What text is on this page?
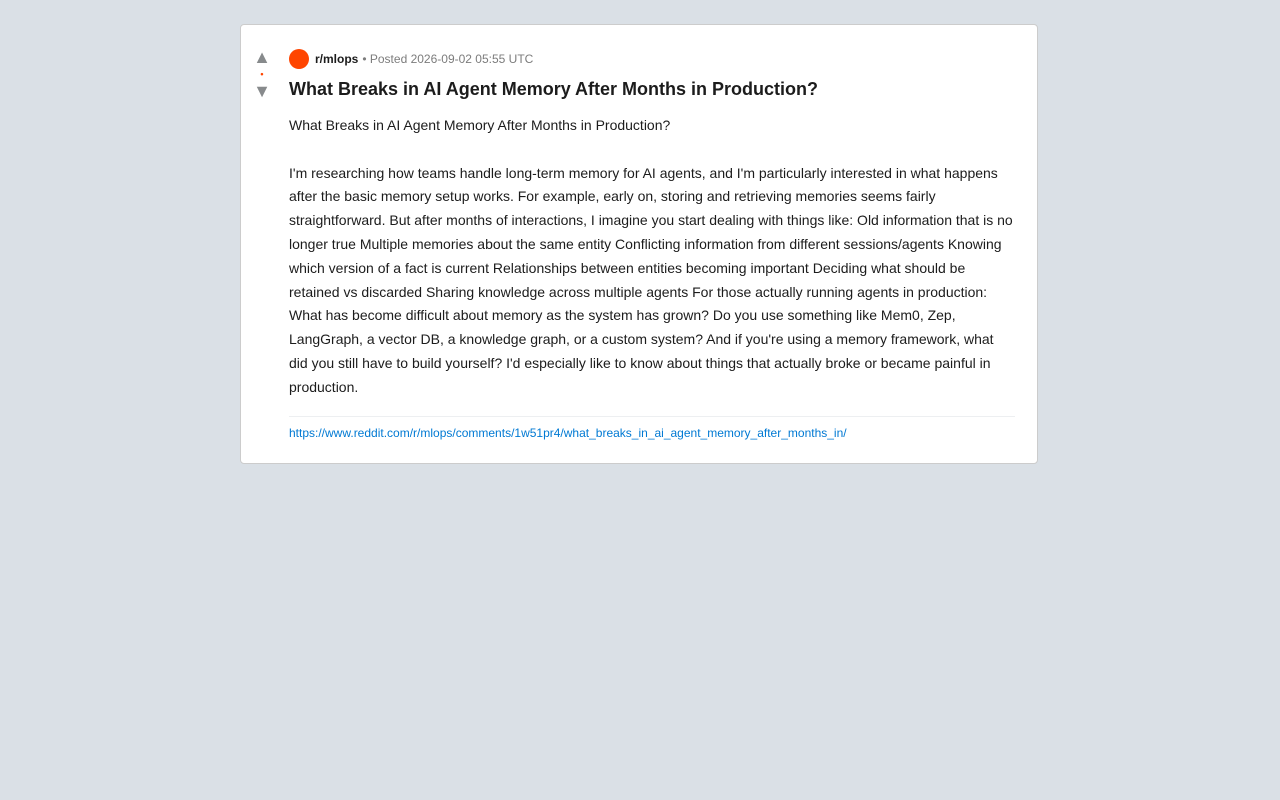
▲
•
▼
r/mlops • Posted 2026-09-02 05:55 UTC
What Breaks in AI Agent Memory After Months in Production?
What Breaks in AI Agent Memory After Months in Production?

I'm researching how teams handle long-term memory for AI agents, and I'm particularly interested in what happens after the basic memory setup works. For example, early on, storing and retrieving memories seems fairly straightforward. But after months of interactions, I imagine you start dealing with things like: Old information that is no longer true Multiple memories about the same entity Conflicting information from different sessions/agents Knowing which version of a fact is current Relationships between entities becoming important Deciding what should be retained vs discarded Sharing knowledge across multiple agents For those actually running agents in production: What has become difficult about memory as the system has grown? Do you use something like Mem0, Zep, LangGraph, a vector DB, a knowledge graph, or a custom system? And if you're using a memory framework, what did you still have to build yourself? I'd especially like to know about things that actually broke or became painful in production.
https://www.reddit.com/r/mlops/comments/1w51pr4/what_breaks_in_ai_agent_memory_after_months_in/
